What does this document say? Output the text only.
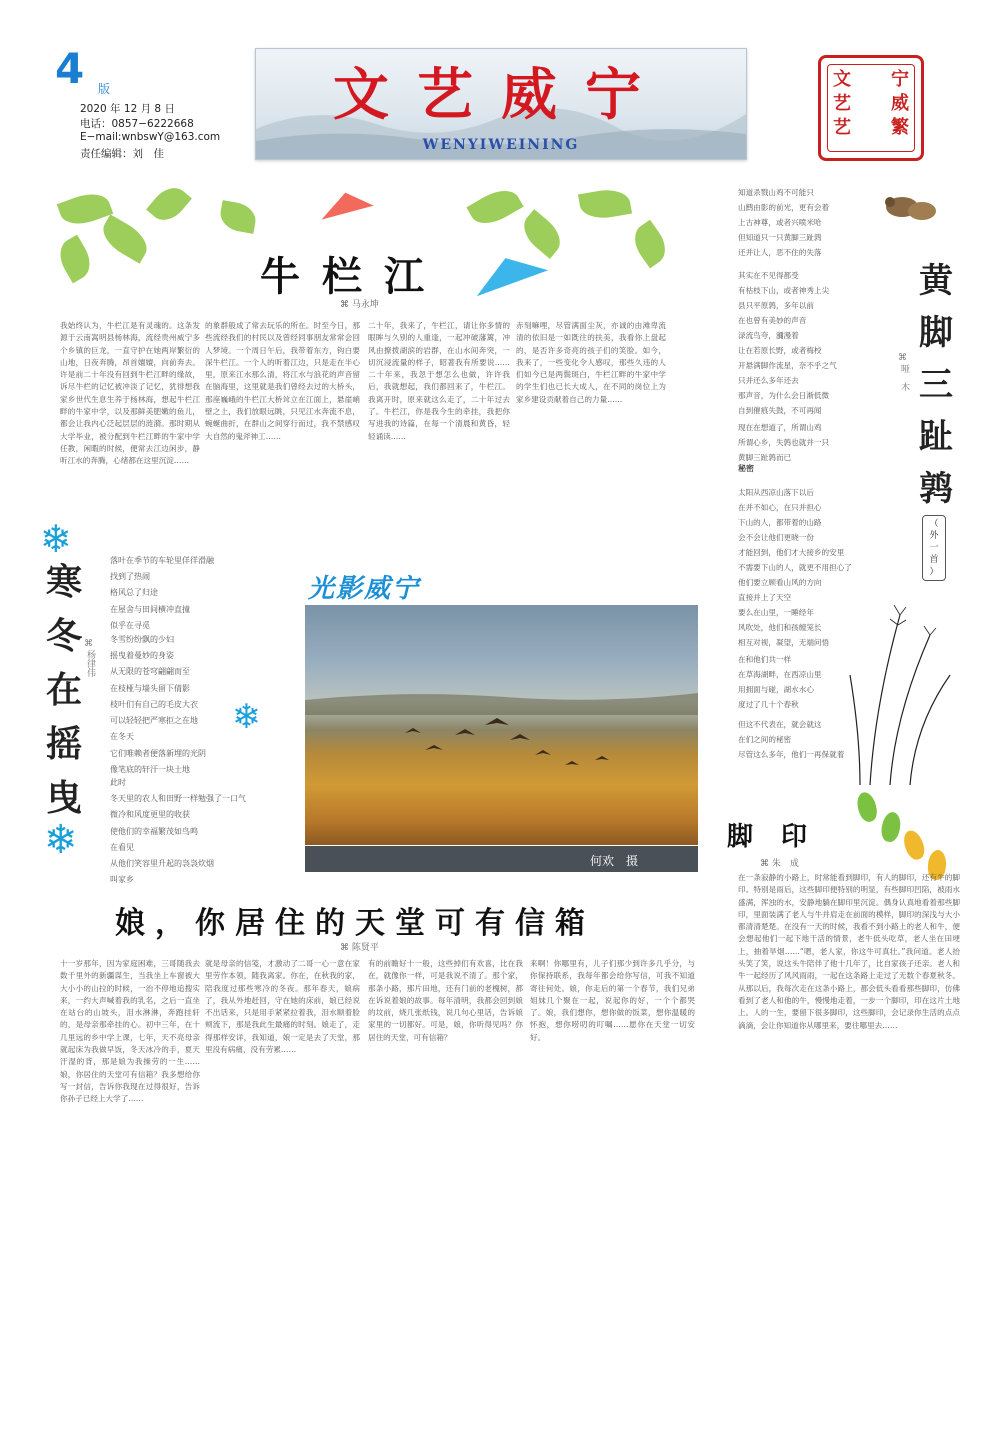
4 版
2020 年 12 月 8 日
电话：0857−6222668
E−mail:wnbswY@163.com
责任编辑：刘　佳
文艺威宁
WENYIWEINING
宁
威
繁
文
艺
艺
牛栏江
⌘ 马永坤
我始终认为，牛栏江是有灵魂的。这条发源于云南嵩明县杨林海，流经贵州威宁多个乡镇的巨龙，一直守护在她两岸繁衍的山地，日夜奔腾，昂首嬗嬗，向前奔去。许是前二十年没有回到牛栏江畔的缘故，诉尽牛栏的记忆被冲淡了记忆，犹徘想我家乡世代生息生养于杨林海，想起牛栏江畔的牛家中学，以及那鲜美肥嫩的鱼儿，都会让我内心泛起层层的涟漪。那时期从大学毕业，被分配到牛栏江畔的牛家中学任教，闲暇的时候，便常去江边闲步，静听江水的奔腾，心绪都在这里沉淀……
的象群般成了常去玩乐的所在。时至今日，那些流经我们的村民以及曾经同事朋友常常会回人梦境。一个周日午后，我带着东方，钩白要深牛栏江。一个人的听着江边，只是走在半心里，原来江水那么清，将江水与浪花的声音留在脑海里，这里就是我们曾经去过的大桥头，那座巍峨的牛栏江大桥耸立在江面上，悬崖峭壁之上，我们放眼远眺，只见江水奔流不息，蜿蜒曲折，在群山之间穿行而过，我不禁感叹大自然的鬼斧神工……
二十年，我来了，牛栏江，请让你多情的眼眸与久别的人重逢，一起冲破藩篱，冲风由撩拨湖滨的岩群，在山水间奔突，一切沉浸流量的样子，昭著我有所要说……二十年来，我忽于想怎么也做，许许我后，我就想起，我们都回来了，牛栏江。我离开时，原来就这么走了，二十年过去了。牛栏江，你是我今生的牵挂，我把你写进我的诗篇，在每一个清晨和黄昏，轻轻诵读……
赤刻嘛哩，尽管满面尘灰，亦诚的由滩卑流清的依旧是一如既往的扶美，我看你上盘起的，是否许多奇亮的孩子们的笑脸。如今，我来了，一些变化令人感叹，那些久违的人们如今已是两鬓斑白，牛栏江畔的牛家中学的学生们也已长大成人，在不同的岗位上为家乡建设贡献着自己的力量……
❄
寒
冬
在
摇
曳
⌘
杨律伟
❄
❄
落叶在季节的车轮里佯徉滑融
找到了热闹
格风总了归途
在屋舍与田间横冲直撞
似乎在寻觅
冬雪纷纷飘的少妇
摇曳着曼妙的身姿
从无限的苍穹翩翩而至
在枝桠与墙头留下倩影
枝叶们有自己的毛皮大衣
可以轻轻把严寒拒之在地
在冬天
它们唯赖者便落新埋的光阴
像笔底的轩汗一块土地
此时
冬天里的农人和田野一样勉强了一口气
微冷和风度更里的收获
使他们的幸福繁茂如鸟鸣
在看见
从他们笑容里升起的袅袅炊烟
叫家乡
光影威宁
何欢　摄
知道杀戮山鸡不可能只
山鹧由影的前光，更有会着
上古神尊，或者兴喷米哈
但知道只一只黄脚三趾鹑
还并让人，恶不住的失落
其实在不见得都受
有枯枝下山，或者神秀上尖
县只平原鹑，多年以前
在也曾有美妙的声音
渌流鸟夸，瀰漫着
让在若原长野，或者梅校
开悬满脚作流星，奈不乎之气
只并还么多年还去
那声音，为什么会日渐低微
自到催痕失鼓，不可再闻
现在在想道了，所谓山鸡
所谓心乡，失鹑也就并一只
黄脚三趾鹑而已
秘密
太阳从西凉山落下以后
在并不如心，在只并担心
下山的人，都带着的山路
会不会让他们更晓一份
才能回到，他们才大接乡的安里
不需要下山的人，就更不用担心了
他们要立顾看山风的方向
直接并上了天空
要么在山里，一睡经年
风吹处，他们和孩缠笼长
相互对视，凝望，无端问悟
在和他们共一样
在草海湖畔，在西凉山里
用拥面与碰，湖水水心
度过了几十个春秋
但这不代表在，就会就这
在们之间的秘密
尽管这么多年，他们一再保就着
黄
脚
三
趾
鹑
（
外
一
首
）
⌘
哑　木
脚印
⌘ 朱　成
在一条寂静的小路上，时常能看到脚印，有人的脚印，还有牛的脚印。特别是雨后，这些脚印便特别的明显，有些脚印凹陷，被雨水盛满，浑浊的水，安静地躺在脚印里沉淀。偶身认真地看着那些脚印，里面装满了老人与牛并肩走在前面的模样，脚印的深浅与大小都清清楚楚。在没有一天的时候，我看不到小路上的老人和牛，便会想起他们一起下地干活的情景，老牛低头吃草，老人坐在田埂上，抽着旱烟……“嗯，老人家，你这牛可真壮。”我问道。老人抬头笑了笑，说这头牛陪伴了他十几年了，比自家孩子还亲。老人和牛一起经历了风风雨雨，一起在这条路上走过了无数个春夏秋冬。从那以后，我每次走在这条小路上，都会低头看看那些脚印，仿佛看到了老人和他的牛，慢慢地走着，一步一个脚印，印在这片土地上。人的一生，要留下很多脚印，这些脚印，会记录你生活的点点滴滴，会让你知道你从哪里来，要往哪里去……
娘，你居住的天堂可有信箱
⌘ 陈贤平
十一岁那年，因为家庭困难，三哥随我去数千里外的新疆谋生，当我坐上车窗被大大小小的山拉的时候，一治不停地追搜实来，一约大声喊着我的乳名，之后一直坐在站台的山坡头，泪水淋淋，奔跑挂轩的，是母亲那牵挂的心。初中三年，在十几里远的乡中学上课，七年，天不亮母亲就起床为我做早饭，冬天冰冷的手，夏天汗湿的背，那是娘为我操劳的一生……娘，你居住的天堂可有信箱？我多想给你写一封信，告诉你我现在过得很好，告诉你孙子已经上大学了……
就是母亲的信笺，才激动了二哥一心一意在家里劳作本领，随我离家。你在，在秋我的家，陪我度过那些寒冷的冬夜。那年春天，娘病了，我从外地赶回，守在她的床前，娘已经说不出话来，只是用手紧紧拉着我，泪水顺着脸颊流下，那是我此生最痛的时刻。娘走了，走得那样安详，我知道，娘一定是去了天堂，那里没有病痛，没有劳累……
有的前瞻好十一般，这些掉们有欢喜，比在我在，就像你一样，可是我说不清了。那个家，那条小路，那片田地，还有门前的老槐树，都在诉说着娘的故事。每年清明，我都会回到娘的坟前，烧几张纸钱，说几句心里话，告诉娘家里的一切都好。可是，娘，你听得见吗？你居住的天堂，可有信箱？
来啊！你哪里有，儿子们那少到许多几乎分，与你保持联系，我每年都会给你写信，可我不知道寄往何处。娘，你走后的第一个春节，我们兄弟姐妹几个聚在一起，说起你的好，一个个都哭了。娘，我们想你，想你做的饭菜，想你温暖的怀抱，想你唠叨的叮嘱……愿你在天堂一切安好。
